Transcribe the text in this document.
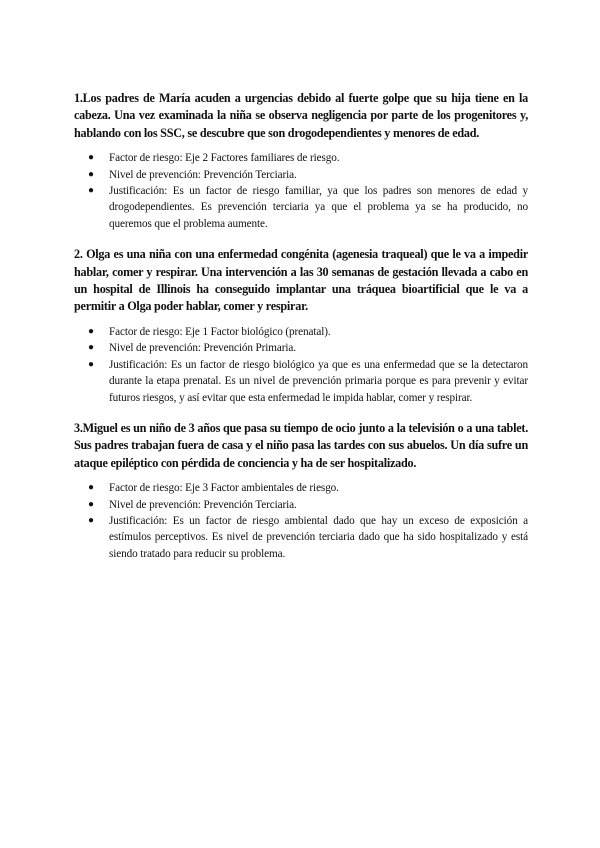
1.Los padres de María acuden a urgencias debido al fuerte golpe que su hija tiene en la cabeza. Una vez examinada la niña se observa negligencia por parte de los progenitores y, hablando con los SSC, se descubre que son drogodependientes y menores de edad.

● Factor de riesgo: Eje 2 Factores familiares de riesgo.
● Nivel de prevención: Prevención Terciaria.
● Justificación: Es un factor de riesgo familiar, ya que los padres son menores de edad y drogodependientes. Es prevención terciaria ya que el problema ya se ha producido, no queremos que el problema aumente.

2. Olga es una niña con una enfermedad congénita (agenesia traqueal) que le va a impedir hablar, comer y respirar. Una intervención a las 30 semanas de gestación llevada a cabo en un hospital de Illinois ha conseguido implantar una tráquea bioartificial que le va a permitir a Olga poder hablar, comer y respirar.

● Factor de riesgo: Eje 1 Factor biológico (prenatal).
● Nivel de prevención: Prevención Primaria.
● Justificación: Es un factor de riesgo biológico ya que es una enfermedad que se la detectaron durante la etapa prenatal. Es un nivel de prevención primaria porque es para prevenir y evitar futuros riesgos, y así evitar que esta enfermedad le impida hablar, comer y respirar.

3.Miguel es un niño de 3 años que pasa su tiempo de ocio junto a la televisión o a una tablet. Sus padres trabajan fuera de casa y el niño pasa las tardes con sus abuelos. Un día sufre un ataque epiléptico con pérdida de conciencia y ha de ser hospitalizado.

● Factor de riesgo: Eje 3 Factor ambientales de riesgo.
● Nivel de prevención: Prevención Terciaria.
● Justificación: Es un factor de riesgo ambiental dado que hay un exceso de exposición a estímulos perceptivos. Es nivel de prevención terciaria dado que ha sido hospitalizado y está siendo tratado para reducir su problema.
